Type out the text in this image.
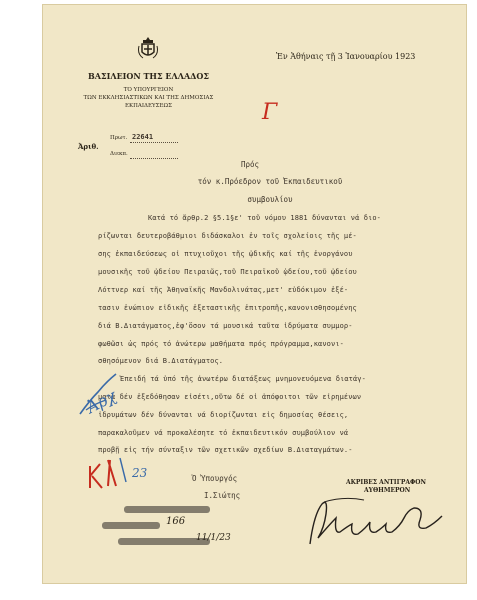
ΒΑΣΙΛΕΙΟΝ ΤΗΣ ΕΛΛΑΔΟΣ
ΤΟ ΥΠΟΥΡΓΕΙΟΝ
ΤΩΝ ΕΚΚΛΗΣΙΑΣΤΙΚΩΝ ΚΑΙ ΤΗΣ ΔΗΜΟΣΙΑΣ
ΕΚΠΑΙΔΕΥΣΕΩΣ
Ἐν Ἀθήναις τῇ 3 Ἰανουαρίου 1923
Ἀριθ.
Πρωτ. 22641
Διεκπ.
Γ
Πρός
τόν κ.Πρόεδρον τοῦ Ἐκπαιδευτικοῦ
συμβουλίου
Κατά τό ἄρθρ.2 §5.1§ε' τοῦ νόμου 1881 δύνανται νά διο-
ρίζωνται δευτεροβάθμιοι διδάσκαλοι ἐν τοῖς σχολείοις τῆς μέ-
σης ἐκπαιδεύσεως οἱ πτυχιοῦχοι τῆς ᾠδικῆς καί τῆς ἐνοργάνου
μουσικῆς τοῦ ᾠδείου Πειραιῶς,τοῦ Πειραϊκοῦ ᾠδείου,τοῦ ᾠδείου
Λόττνερ καί τῆς Ἀθηναϊκῆς Μανδολινάτας,μετ' εὐδόκιμον ἐξέ-
τασιν ἐνώπιον εἰδικῆς ἐξεταστικῆς ἐπιτροπῆς,κανονισθησομένης
διά Β.Διατάγματος,ἐφ'ὅσον τά μουσικά ταῦτα ἱδρύματα συμμορ-
φωθῶσι ὡς πρός τό ἀνώτερω μαθήματα πρός πρόγραμμα,κανονι-
σθησόμενον διά Β.Διατάγματος.
Ἐπειδή τά ὑπό τῆς ἀνωτέρω διατάξεως μνημονευόμενα διατάγ-
ματα δέν ἐξεδόθησαν εἰσέτι,οὕτω δέ οἱ ἀπόφοιτοι τῶν εἰρημένων
ἱδρυμάτων δέν δύνανται νά διορίζωνται εἰς δημοσίας θέσεις,
παρακαλοῦμεν νά προκαλέσητε τό ἐκπαιδευτικόν συμβούλιον νά
προβῇ εἰς τήν σύνταξιν τῶν σχετικῶν σχεδίων Β.Διαταγμάτων.-
Ἀρχ
Ὁ Ὑπουργός
Ι.Σιώτης
ΑΚΡΙΒΕΣ ΑΝΤΙΓΡΑΦΟΝ
ΑΥΘΗΜΕΡΟΝ
23
166
11/1/23
